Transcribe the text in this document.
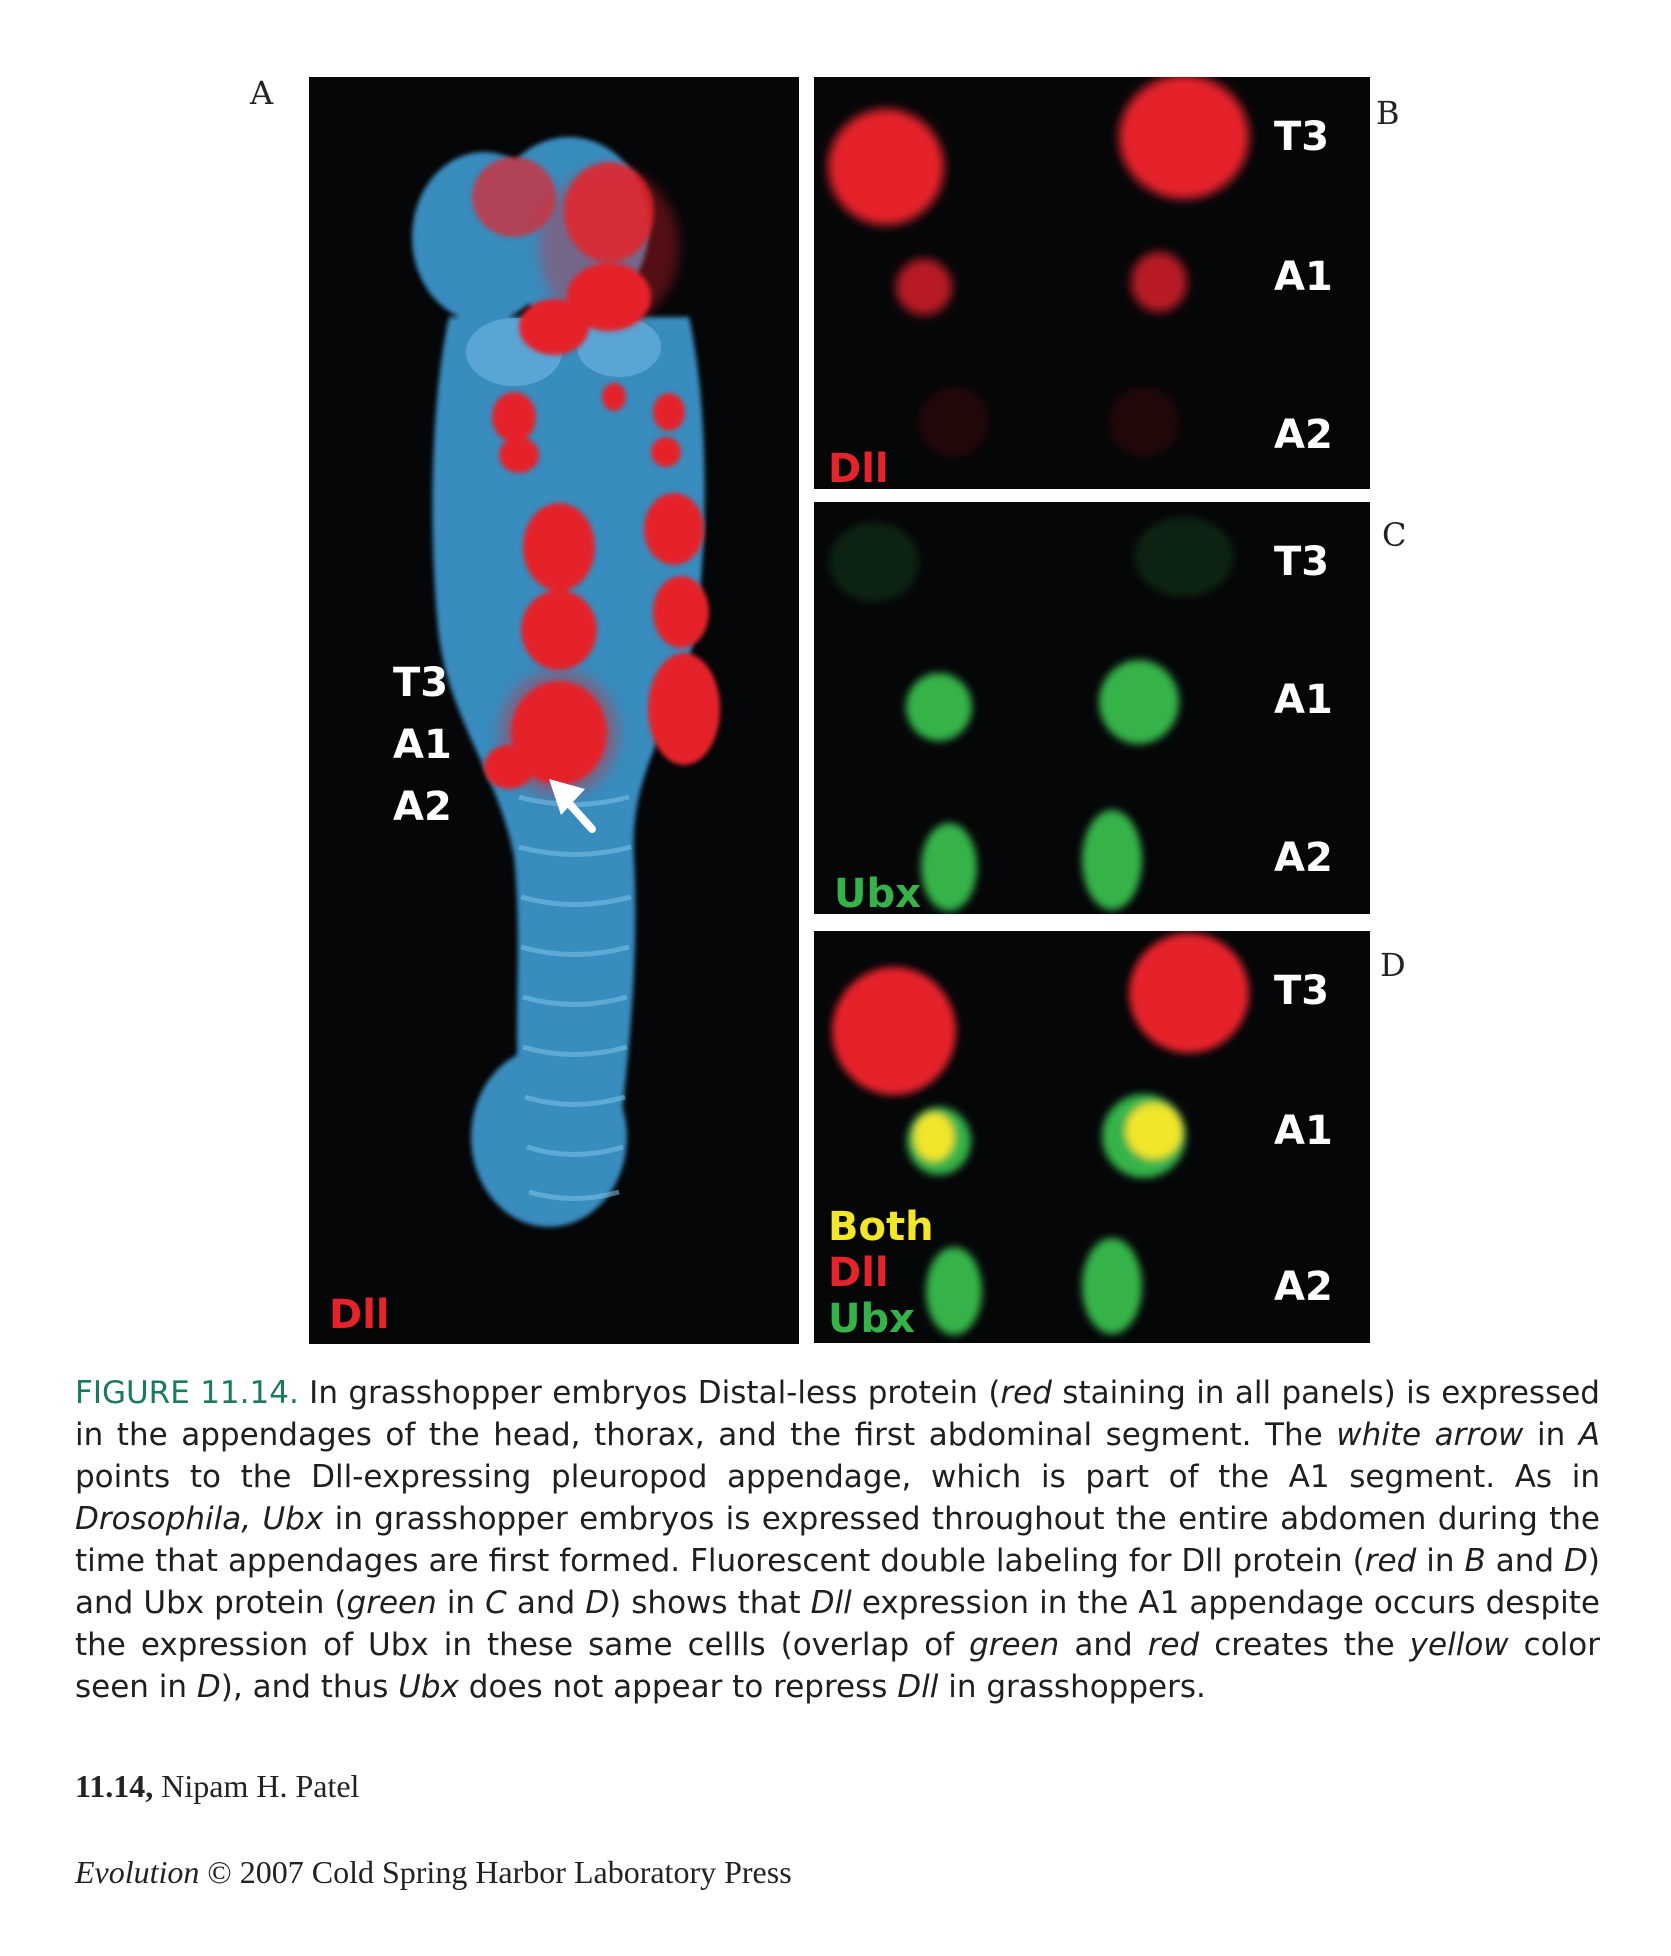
A
B
C
D
T3
A1
A2
Dll
T3
A1
A2
Dll
T3
A1
A2
Ubx
T3
A1
A2
Both
Dll
Ubx
FIGURE 11.14. In grasshopper embryos Distal-less protein (red staining in all panels) is expressed in the appendages of the head, thorax, and the first abdominal segment. The white arrow in A points to the Dll-expressing pleuropod appendage, which is part of the A1 segment. As in Drosophila, Ubx in grasshopper embryos is expressed throughout the entire abdomen during the time that appendages are first formed. Fluorescent double labeling for Dll protein (red in B and D) and Ubx protein (green in C and D) shows that Dll expression in the A1 appendage occurs despite the expression of Ubx in these same cellls (overlap of green and red creates the yellow color seen in D), and thus Ubx does not appear to repress Dll in grasshoppers.
11.14, Nipam H. Patel
Evolution © 2007 Cold Spring Harbor Laboratory Press
